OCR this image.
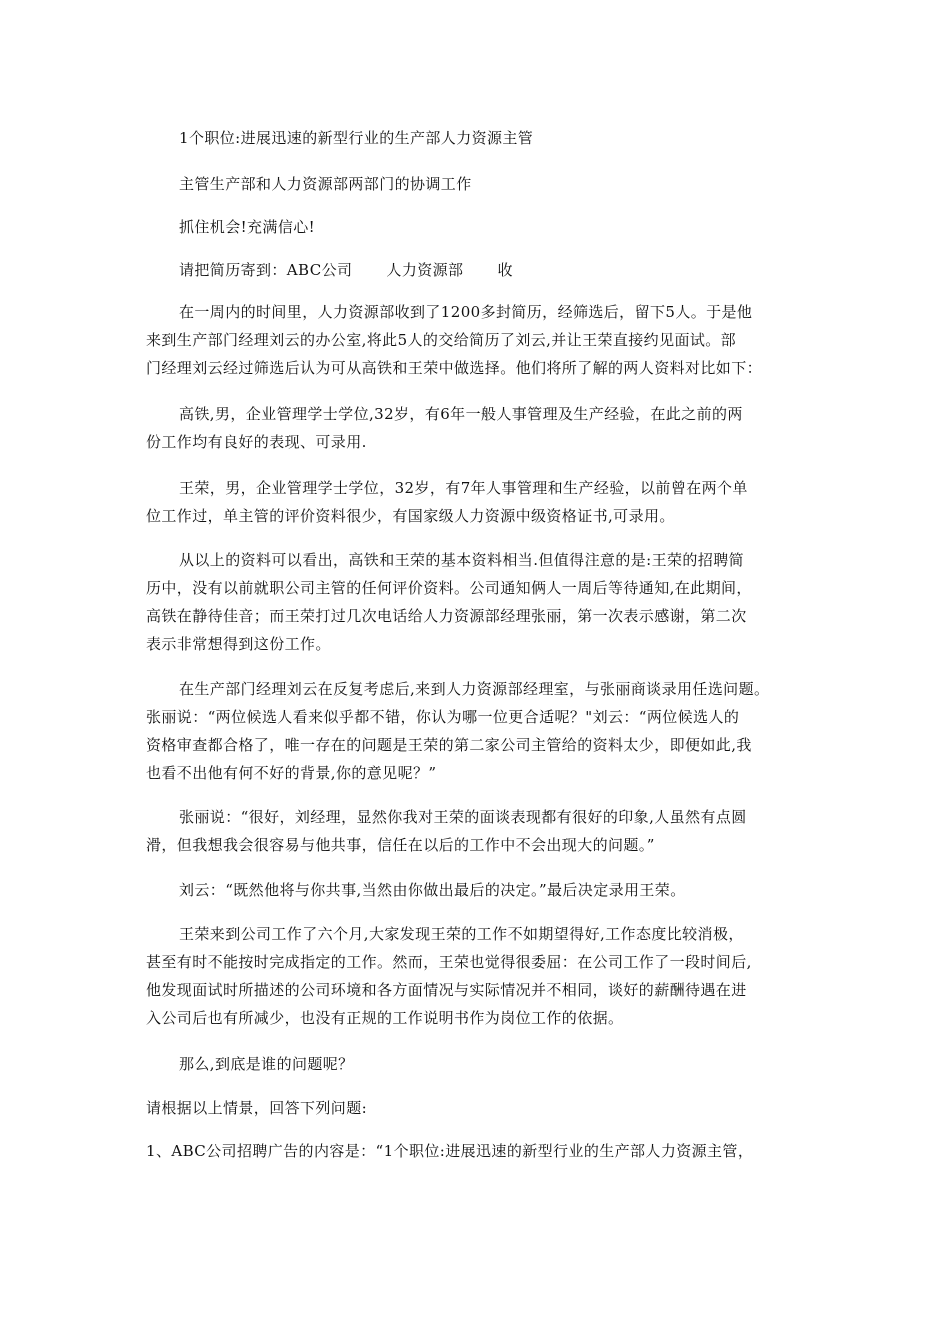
1个职位:进展迅速的新型行业的生产部人力资源主管

主管生产部和人力资源部两部门的协调工作

抓住机会!充满信心!

请把简历寄到：ABC公司 人力资源部 收

在一周内的时间里，人力资源部收到了1200多封简历，经筛选后，留下5人。于是他
来到生产部门经理刘云的办公室,将此5人的交给简历了刘云,并让王荣直接约见面试。部
门经理刘云经过筛选后认为可从高铁和王荣中做选择。他们将所了解的两人资料对比如下：
高铁,男，企业管理学士学位,32岁，有6年一般人事管理及生产经验，在此之前的两
份工作均有良好的表现、可录用.
王荣，男，企业管理学士学位，32岁，有7年人事管理和生产经验，以前曾在两个单
位工作过，单主管的评价资料很少，有国家级人力资源中级资格证书,可录用。
从以上的资料可以看出，高铁和王荣的基本资料相当.但值得注意的是:王荣的招聘简
历中，没有以前就职公司主管的任何评价资料。公司通知俩人一周后等待通知,在此期间，
高铁在静待佳音；而王荣打过几次电话给人力资源部经理张丽，第一次表示感谢，第二次
表示非常想得到这份工作。
在生产部门经理刘云在反复考虑后,来到人力资源部经理室，与张丽商谈录用任选问题。
张丽说：“两位候选人看来似乎都不错，你认为哪一位更合适呢？"刘云：“两位候选人的
资格审查都合格了，唯一存在的问题是王荣的第二家公司主管给的资料太少，即便如此,我
也看不出他有何不好的背景,你的意见呢？”
张丽说：“很好，刘经理，显然你我对王荣的面谈表现都有很好的印象,人虽然有点圆
滑，但我想我会很容易与他共事，信任在以后的工作中不会出现大的问题。”
刘云：“既然他将与你共事,当然由你做出最后的决定。”最后决定录用王荣。
王荣来到公司工作了六个月,大家发现王荣的工作不如期望得好,工作态度比较消极，
甚至有时不能按时完成指定的工作。然而，王荣也觉得很委屈：在公司工作了一段时间后,
他发现面试时所描述的公司环境和各方面情况与实际情况并不相同，谈好的薪酬待遇在进
入公司后也有所减少，也没有正规的工作说明书作为岗位工作的依据。
那么,到底是谁的问题呢？
请根据以上情景，回答下列问题:
1、ABC公司招聘广告的内容是：“1个职位:进展迅速的新型行业的生产部人力资源主管，
